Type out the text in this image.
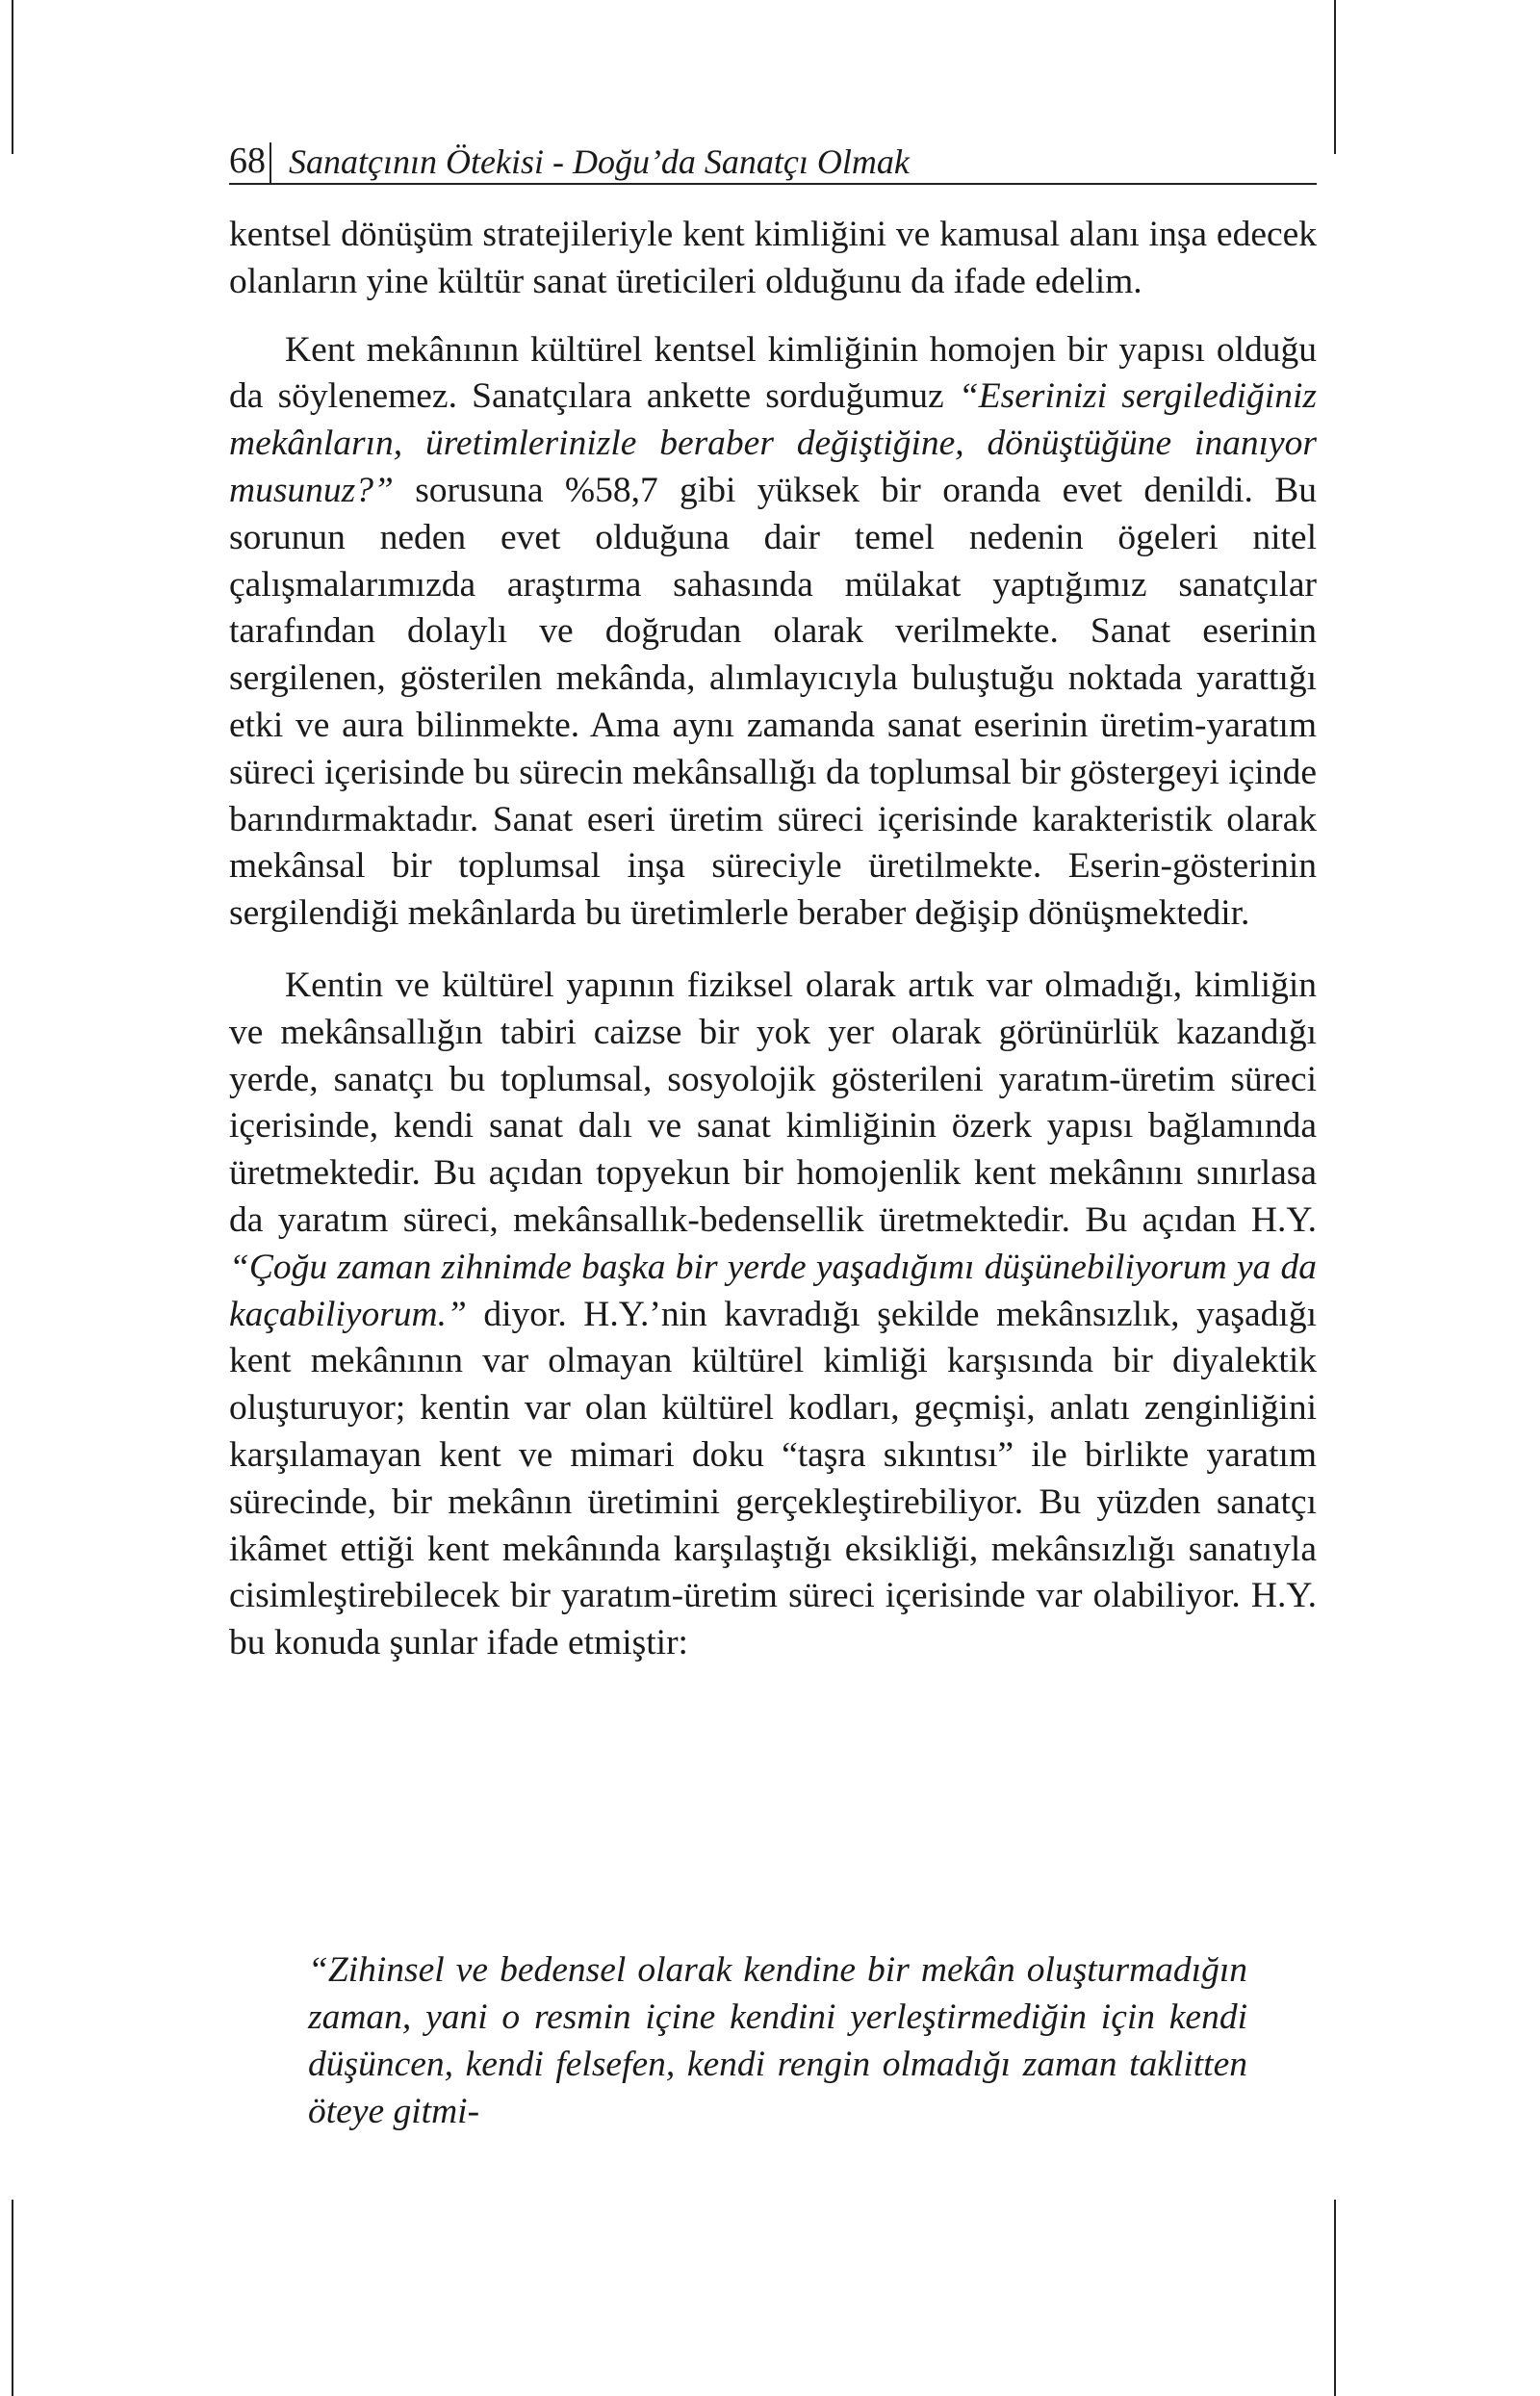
68 Sanatçının Ötekisi - Doğu’da Sanatçı Olmak

kentsel dönüşüm stratejileriyle kent kimliğini ve kamusal alanı inşa edecek olanların yine kültür sanat üreticileri olduğunu da ifade edelim.

Kent mekânının kültürel kentsel kimliğinin homojen bir yapısı olduğu da söylenemez. Sanatçılara ankette sorduğumuz “Eserinizi sergilediğiniz mekânların, üretimlerinizle beraber değiştiğine, dönüştüğüne inanıyor musunuz?” sorusuna %58,7 gibi yüksek bir oranda evet denildi. Bu sorunun neden evet olduğuna dair temel nedenin ögeleri nitel çalışmalarımızda araştırma sahasında mülakat yaptığımız sanatçılar tarafından dolaylı ve doğrudan olarak verilmekte. Sanat eserinin sergilenen, gösterilen mekânda, alımlayıcıyla buluştuğu noktada yarattığı etki ve aura bilinmekte. Ama aynı zamanda sanat eserinin üretim-yaratım süreci içerisinde bu sürecin mekânsallığı da toplumsal bir göstergeyi içinde barındırmaktadır. Sanat eseri üretim süreci içerisinde karakteristik olarak mekânsal bir toplumsal inşa süreciyle üretilmekte. Eserin-gösterinin sergilendiği mekânlarda bu üretimlerle beraber değişip dönüşmektedir.

Kentin ve kültürel yapının fiziksel olarak artık var olmadığı, kimliğin ve mekânsallığın tabiri caizse bir yok yer olarak görünürlük kazandığı yerde, sanatçı bu toplumsal, sosyolojik gösterileni yaratım-üretim süreci içerisinde, kendi sanat dalı ve sanat kimliğinin özerk yapısı bağlamında üretmektedir. Bu açıdan topyekun bir homojenlik kent mekânını sınırlasa da yaratım süreci, mekânsallık-bedensellik üretmektedir. Bu açıdan H.Y. “Çoğu zaman zihnimde başka bir yerde yaşadığımı düşünebiliyorum ya da kaçabiliyorum.” diyor. H.Y.’nin kavradığı şekilde mekânsızlık, yaşadığı kent mekânının var olmayan kültürel kimliği karşısında bir diyalektik oluşturuyor; kentin var olan kültürel kodları, geçmişi, anlatı zenginliğini karşılamayan kent ve mimari doku “taşra sıkıntısı” ile birlikte yaratım sürecinde, bir mekânın üretimini gerçekleştirebiliyor. Bu yüzden sanatçı ikâmet ettiği kent mekânında karşılaştığı eksikliği, mekânsızlığı sanatıyla cisimleştirebilecek bir yaratım-üretim süreci içerisinde var olabiliyor. H.Y. bu konuda şunlar ifade etmiştir:

“Zihinsel ve bedensel olarak kendine bir mekân oluşturmadığın zaman, yani o resmin içine kendini yerleştirmediğin için kendi düşüncen, kendi felsefen, kendi rengin olmadığı zaman taklitten öteye gitmi-
